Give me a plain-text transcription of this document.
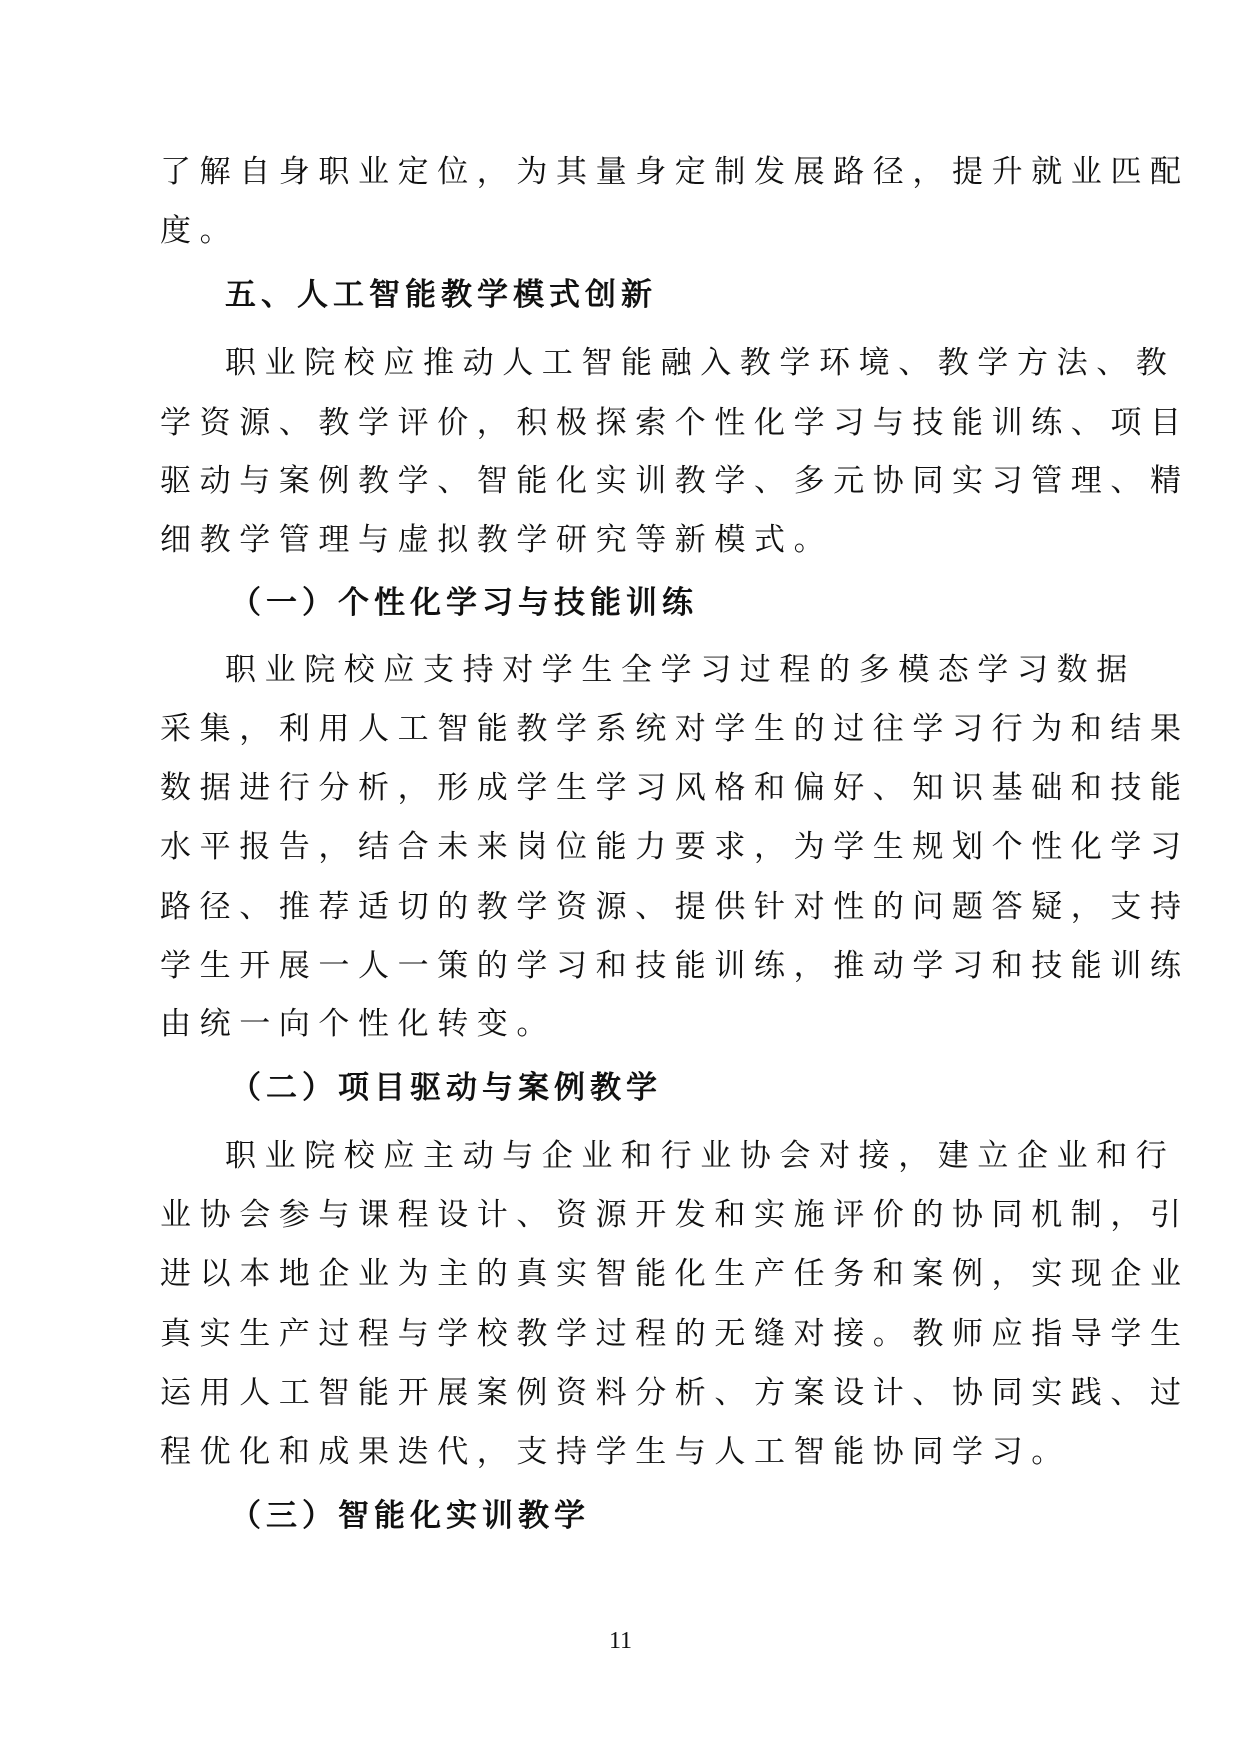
了解自身职业定位，为其量身定制发展路径，提升就业匹配
度。
五、人工智能教学模式创新
职业院校应推动人工智能融入教学环境、教学方法、教
学资源、教学评价，积极探索个性化学习与技能训练、项目
驱动与案例教学、智能化实训教学、多元协同实习管理、精
细教学管理与虚拟教学研究等新模式。
（一）个性化学习与技能训练
职业院校应支持对学生全学习过程的多模态学习数据
采集，利用人工智能教学系统对学生的过往学习行为和结果
数据进行分析，形成学生学习风格和偏好、知识基础和技能
水平报告，结合未来岗位能力要求，为学生规划个性化学习
路径、推荐适切的教学资源、提供针对性的问题答疑，支持
学生开展一人一策的学习和技能训练，推动学习和技能训练
由统一向个性化转变。
（二）项目驱动与案例教学
职业院校应主动与企业和行业协会对接，建立企业和行
业协会参与课程设计、资源开发和实施评价的协同机制，引
进以本地企业为主的真实智能化生产任务和案例，实现企业
真实生产过程与学校教学过程的无缝对接。教师应指导学生
运用人工智能开展案例资料分析、方案设计、协同实践、过
程优化和成果迭代，支持学生与人工智能协同学习。
（三）智能化实训教学
11
